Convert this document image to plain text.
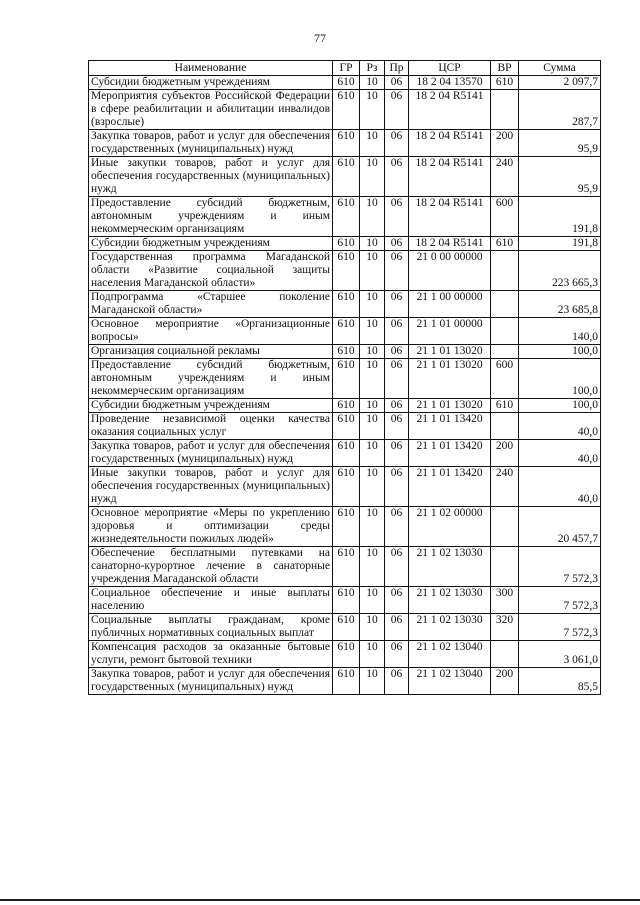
77
Наименование	ГР	Рз	Пр	ЦСР	ВР	Сумма
Субсидии бюджетным учреждениям	610	10	06	18 2 04 13570	610	2 097,7
Мероприятия субъектов Российской Федерации в сфере реабилитации и абилитации инвалидов (взрослые)	610	10	06	18 2 04 R5141		287,7
Закупка товаров, работ и услуг для обеспечения государственных (муниципальных) нужд	610	10	06	18 2 04 R5141	200	95,9
Иные закупки товаров, работ и услуг для обеспечения государственных (муниципальных) нужд	610	10	06	18 2 04 R5141	240	95,9
Предоставление субсидий бюджетным, автономным учреждениям и иным некоммерческим организациям	610	10	06	18 2 04 R5141	600	191,8
Субсидии бюджетным учреждениям	610	10	06	18 2 04 R5141	610	191,8
Государственная программа Магаданской области «Развитие социальной защиты населения Магаданской области»	610	10	06	21 0 00 00000		223 665,3
Подпрограмма «Старшее поколение Магаданской области»	610	10	06	21 1 00 00000		23 685,8
Основное мероприятие «Организационные вопросы»	610	10	06	21 1 01 00000		140,0
Организация социальной рекламы	610	10	06	21 1 01 13020		100,0
Предоставление субсидий бюджетным, автономным учреждениям и иным некоммерческим организациям	610	10	06	21 1 01 13020	600	100,0
Субсидии бюджетным учреждениям	610	10	06	21 1 01 13020	610	100,0
Проведение независимой оценки качества оказания социальных услуг	610	10	06	21 1 01 13420		40,0
Закупка товаров, работ и услуг для обеспечения государственных (муниципальных) нужд	610	10	06	21 1 01 13420	200	40,0
Иные закупки товаров, работ и услуг для обеспечения государственных (муниципальных) нужд	610	10	06	21 1 01 13420	240	40,0
Основное мероприятие «Меры по укреплению здоровья и оптимизации среды жизнедеятельности пожилых людей»	610	10	06	21 1 02 00000		20 457,7
Обеспечение бесплатными путевками на санаторно-курортное лечение в санаторные учреждения Магаданской области	610	10	06	21 1 02 13030		7 572,3
Социальное обеспечение и иные выплаты населению	610	10	06	21 1 02 13030	300	7 572,3
Социальные выплаты гражданам, кроме публичных нормативных социальных выплат	610	10	06	21 1 02 13030	320	7 572,3
Компенсация расходов за оказанные бытовые услуги, ремонт бытовой техники	610	10	06	21 1 02 13040		3 061,0
Закупка товаров, работ и услуг для обеспечения государственных (муниципальных) нужд	610	10	06	21 1 02 13040	200	85,5
